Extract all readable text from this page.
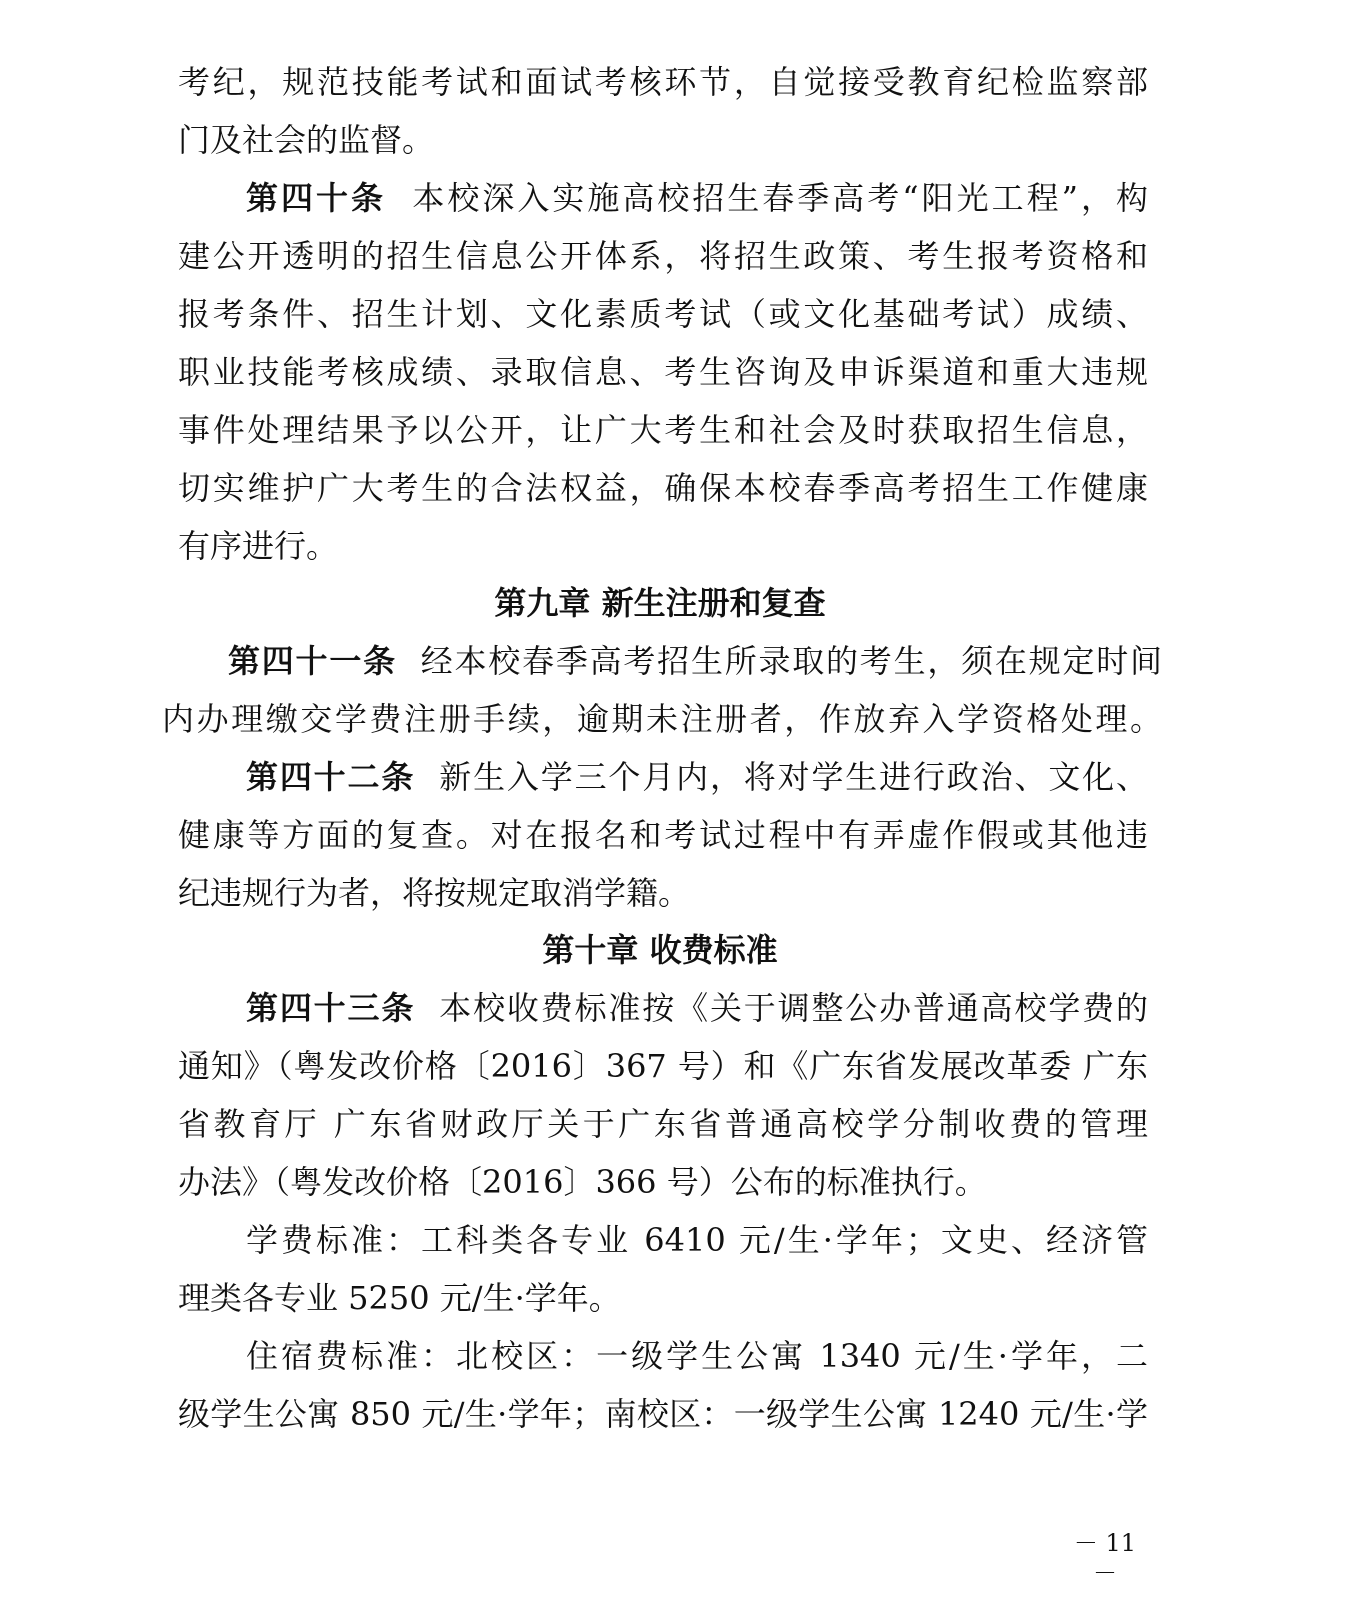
考纪，规范技能考试和面试考核环节，自觉接受教育纪检监察部
门及社会的监督。
第四十条 本校深入实施高校招生春季高考“阳光工程”，构
建公开透明的招生信息公开体系，将招生政策、考生报考资格和
报考条件、招生计划、文化素质考试（或文化基础考试）成绩、
职业技能考核成绩、录取信息、考生咨询及申诉渠道和重大违规
事件处理结果予以公开，让广大考生和社会及时获取招生信息，
切实维护广大考生的合法权益，确保本校春季高考招生工作健康
有序进行。
第九章 新生注册和复查
第四十一条 经本校春季高考招生所录取的考生，须在规定时间
内办理缴交学费注册手续，逾期未注册者，作放弃入学资格处理。
第四十二条 新生入学三个月内，将对学生进行政治、文化、
健康等方面的复查。对在报名和考试过程中有弄虚作假或其他违
纪违规行为者，将按规定取消学籍。
第十章 收费标准
第四十三条 本校收费标准按《关于调整公办普通高校学费的
通知》（粤发改价格〔2016〕367 号）和《广东省发展改革委 广东
省教育厅 广东省财政厅关于广东省普通高校学分制收费的管理
办法》（粤发改价格〔2016〕366 号）公布的标准执行。
学费标准：工科类各专业 6410 元/生·学年；文史、经济管
理类各专业 5250 元/生·学年。
住宿费标准：北校区：一级学生公寓 1340 元/生·学年，二
级学生公寓 850 元/生·学年；南校区：一级学生公寓 1240 元/生·学
－ 11 －
